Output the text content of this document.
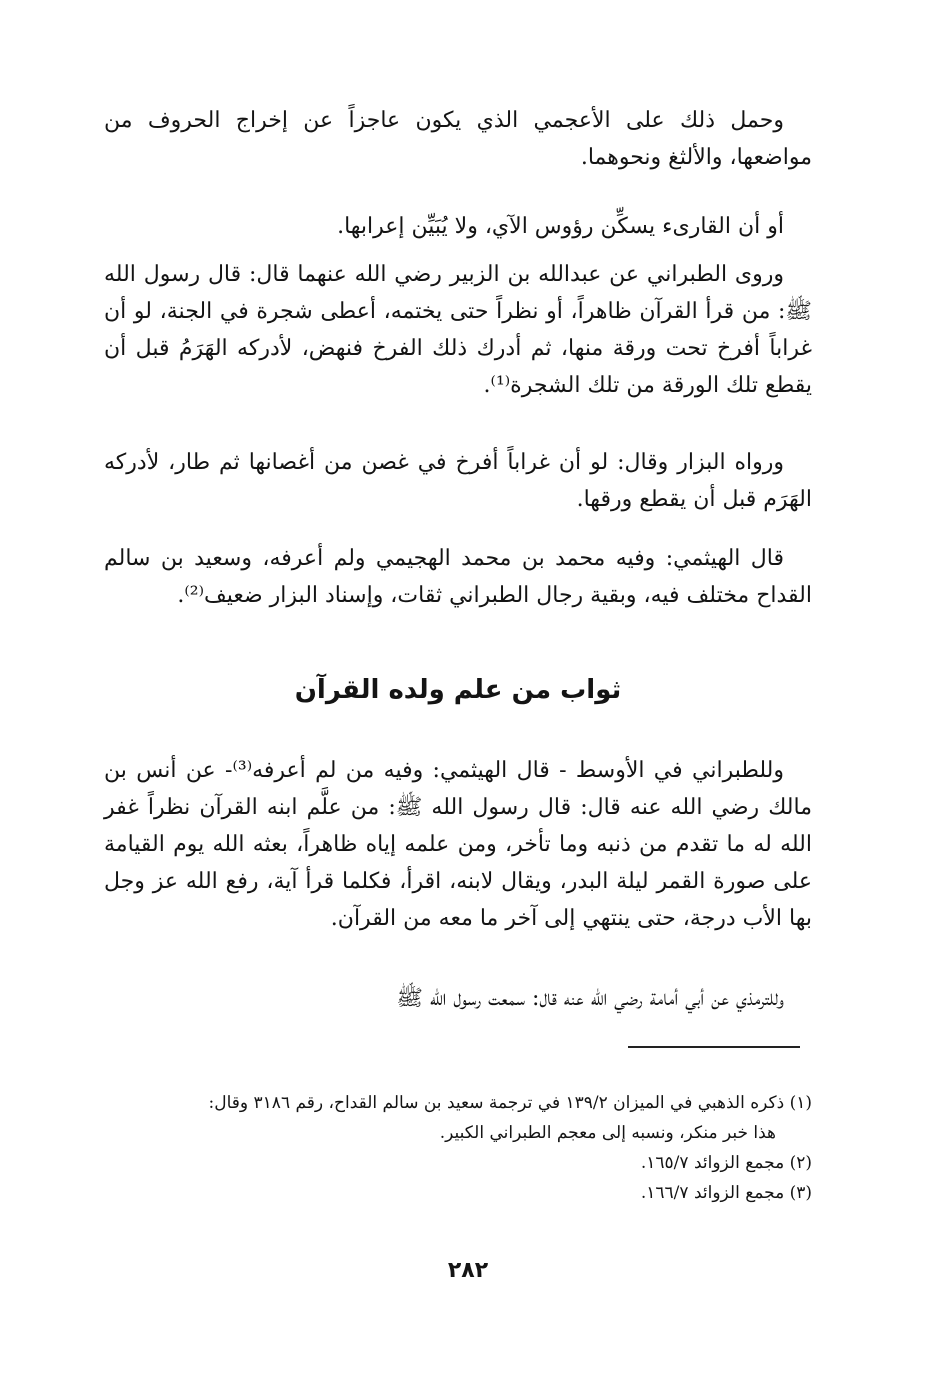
وحمل ذلك على الأعجمي الذي يكون عاجزاً عن إخراج الحروف من مواضعها، والألثغ ونحوهما.

أو أن القارىء يسكِّن رؤوس الآي، ولا يُبَيِّن إعرابها.

وروى الطبراني عن عبدالله بن الزبير رضي الله عنهما قال: قال رسول الله ﷺ: من قرأ القرآن ظاهراً، أو نظراً حتى يختمه، أعطى شجرة في الجنة، لو أن غراباً أفرخ تحت ورقة منها، ثم أدرك ذلك الفرخ فنهض، لأدركه الهَرَمُ قبل أن يقطع تلك الورقة من تلك الشجرة⁽¹⁾.

ورواه البزار وقال: لو أن غراباً أفرخ في غصن من أغصانها ثم طار، لأدركه الهَرَم قبل أن يقطع ورقها.

قال الهيثمي: وفيه محمد بن محمد الهجيمي ولم أعرفه، وسعيد بن سالم القداح مختلف فيه، وبقية رجال الطبراني ثقات، وإسناد البزار ضعيف⁽²⁾.

ثواب من علم ولده القرآن

وللطبراني في الأوسط - قال الهيثمي: وفيه من لم أعرفه⁽³⁾- عن أنس بن مالك رضي الله عنه قال: قال رسول الله ﷺ: من علَّم ابنه القرآن نظراً غفر الله له ما تقدم من ذنبه وما تأخر، ومن علمه إياه ظاهراً، بعثه الله يوم القيامة على صورة القمر ليلة البدر، ويقال لابنه، اقرأ، فكلما قرأ آية، رفع الله عز وجل بها الأب درجة، حتى ينتهي إلى آخر ما معه من القرآن.

وللترمذي عن أبي أمامة رضي الله عنه قال: سمعت رسول الله ﷺ

(١) ذكره الذهبي في الميزان ١٣٩/٢ في ترجمة سعيد بن سالم القداح، رقم ٣١٨٦ وقال:

هذا خبر منكر، ونسبه إلى معجم الطبراني الكبير.

(٢) مجمع الزوائد ١٦٥/٧.

(٣) مجمع الزوائد ١٦٦/٧.

٢٨٢
